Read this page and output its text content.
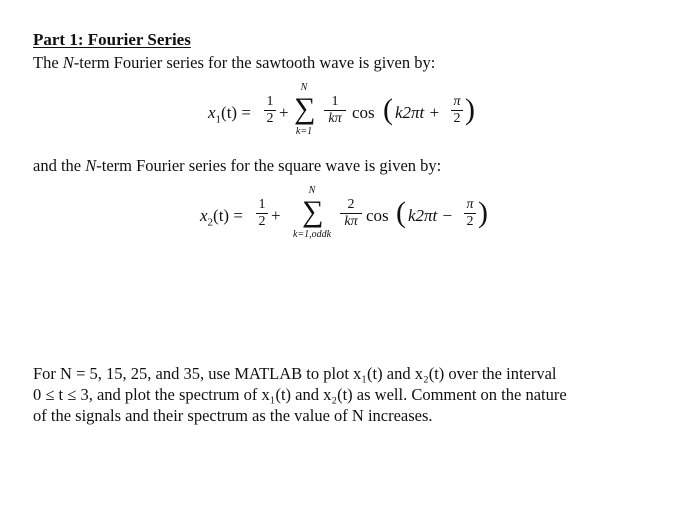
Part 1: Fourier Series
The N-term Fourier series for the sawtooth wave is given by:
$x_1(t)$ =
1
2 +
N
∑
k=1
1
kπ cos ( k2πt +
π
2 )
and the N-term Fourier series for the square wave is given by:
$x_2(t)$ =
1
2 +
N
∑
k=1,oddk
2
kπ cos ( k2πt −
π
2 )
For N = 5, 15, 25, and 35, use MATLAB to plot x₁(t) and x₂(t) over the interval
0 ≤ t ≤ 3, and plot the spectrum of x₁(t) and x₂(t) as well. Comment on the nature
of the signals and their spectrum as the value of N increases.
